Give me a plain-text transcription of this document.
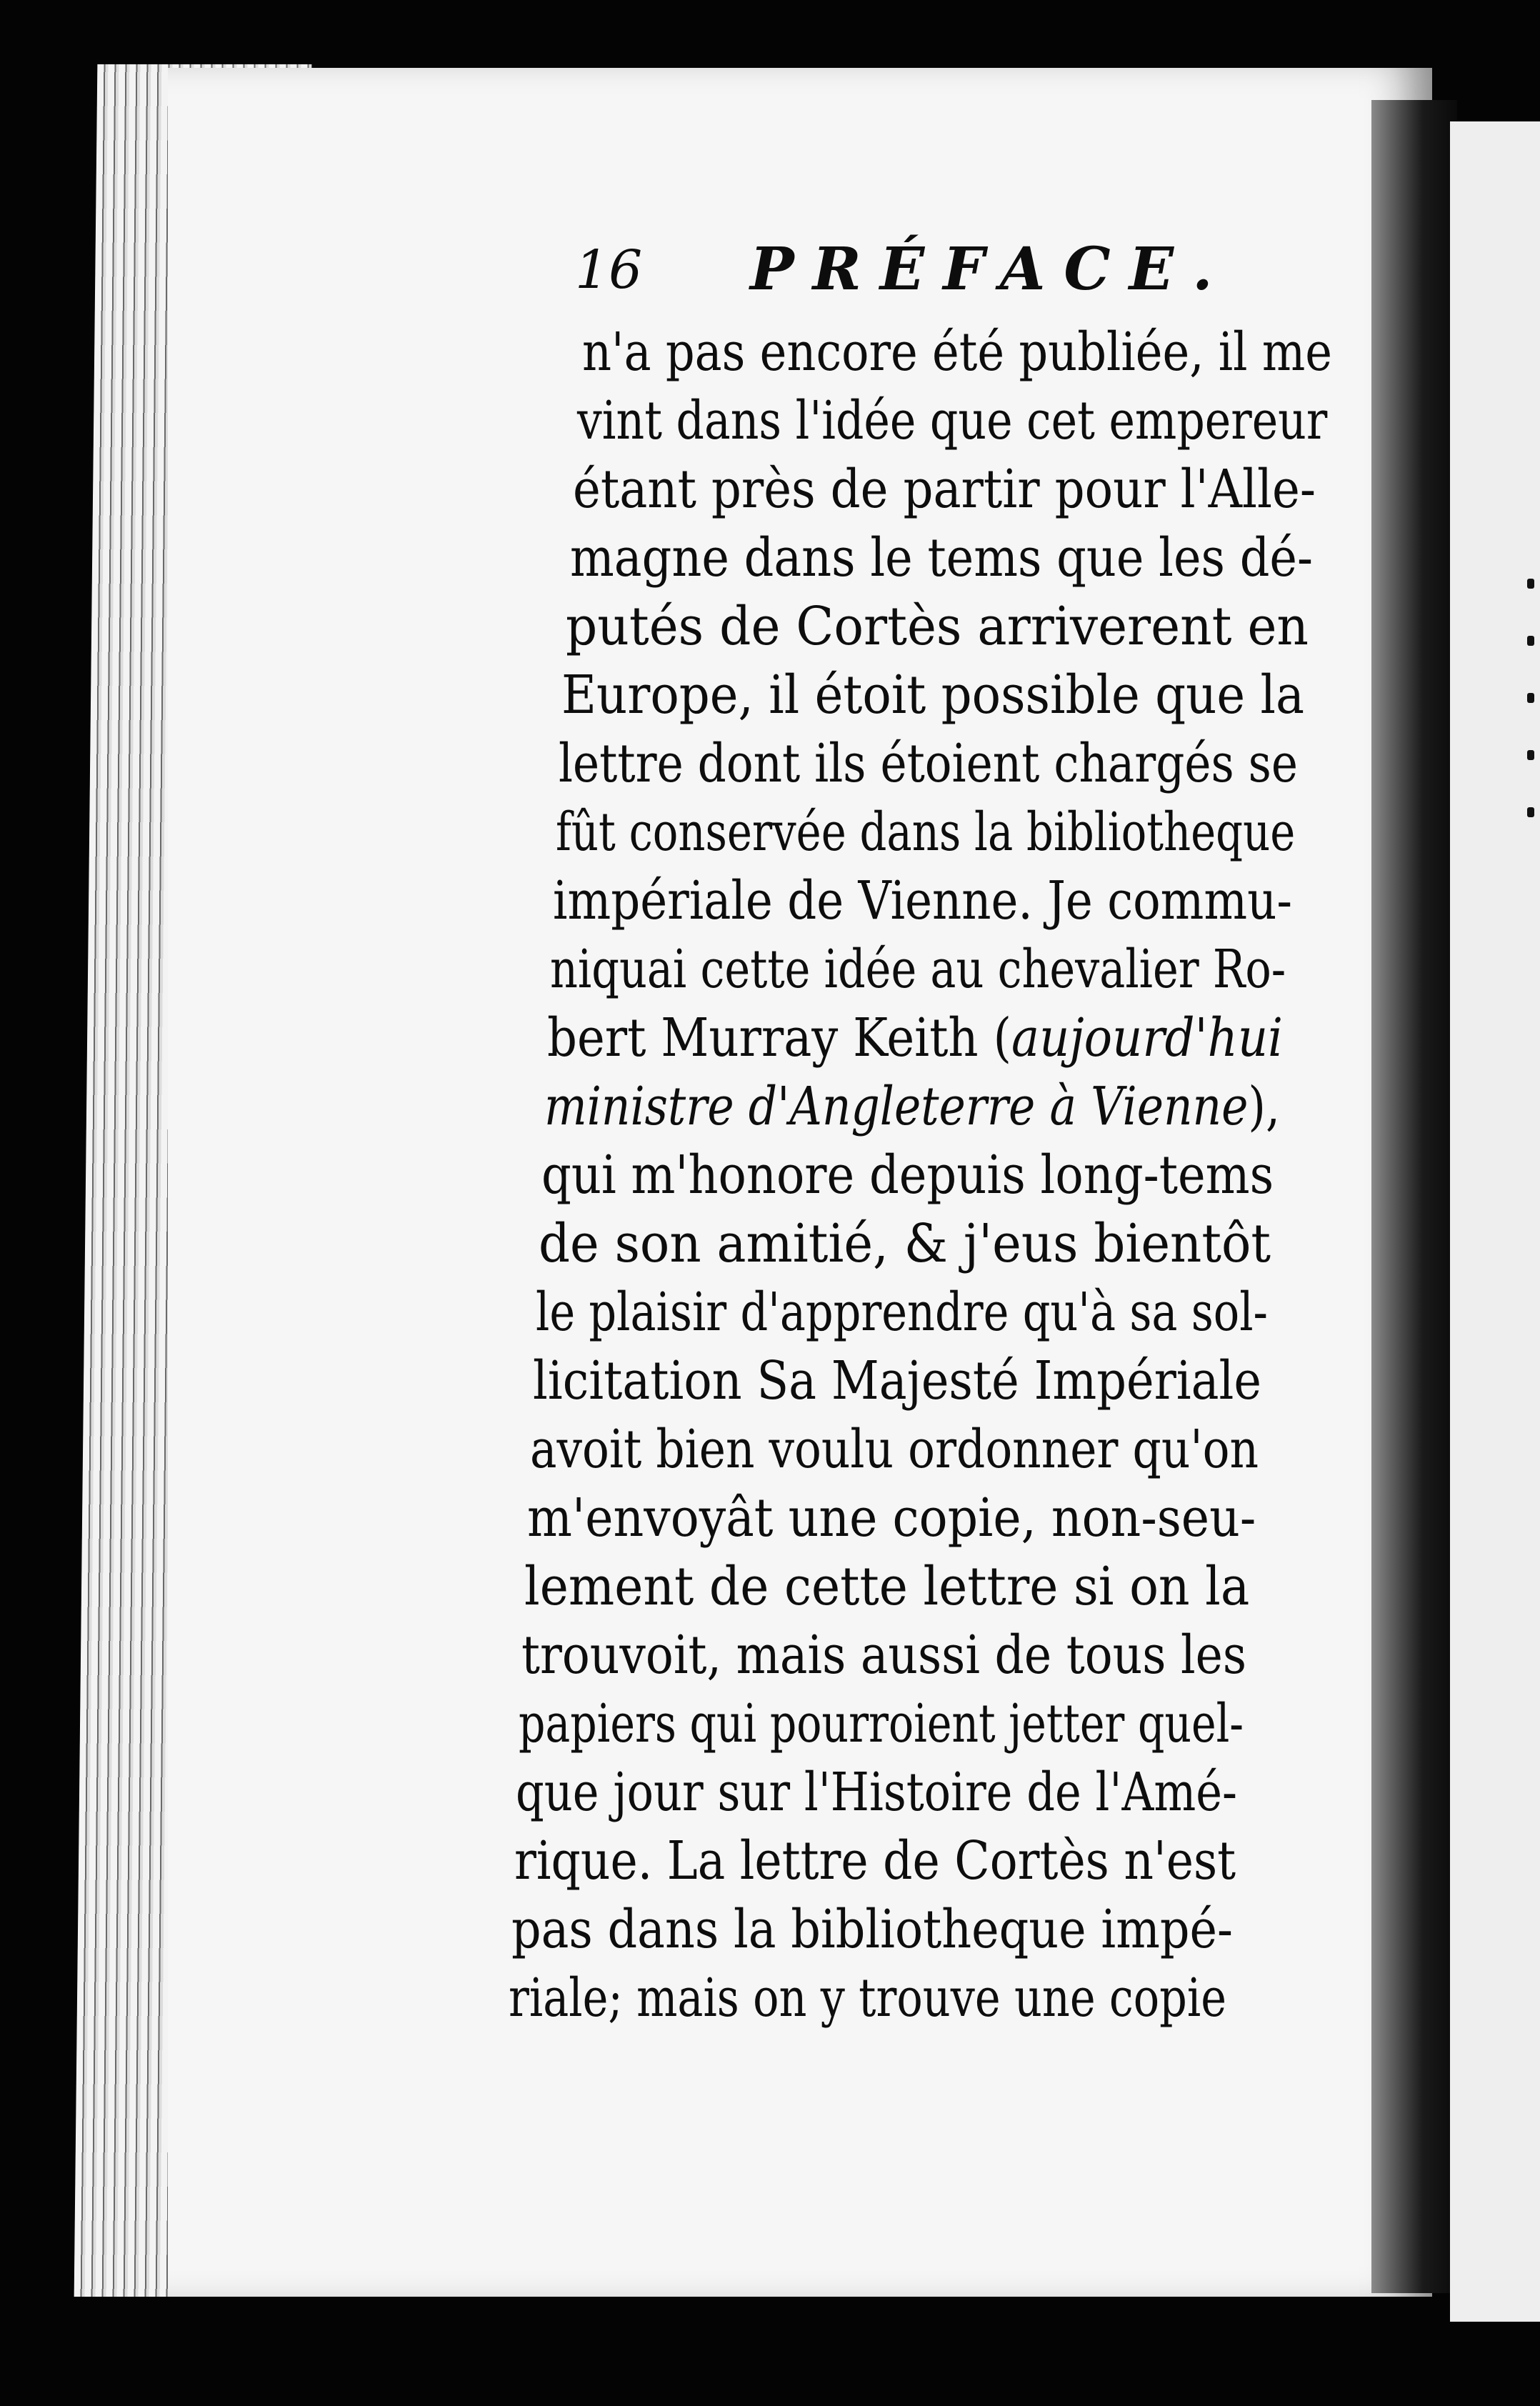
16 PRÉFACE.
n'a pas encore été publiée, il me
vint dans l'idée que cet empereur
étant près de partir pour l'Alle-
magne dans le tems que les dé-
putés de Cortès arriverent en
Europe, il étoit possible que la
lettre dont ils étoient chargés se
fût conservée dans la bibliotheque
impériale de Vienne. Je commu-
niquai cette idée au chevalier Ro-
bert Murray Keith (aujourd'hui
ministre d'Angleterre à Vienne),
qui m'honore depuis long-tems
de son amitié, & j'eus bientôt
le plaisir d'apprendre qu'à sa sol-
licitation Sa Majesté Impériale
avoit bien voulu ordonner qu'on
m'envoyât une copie, non-seu-
lement de cette lettre si on la
trouvoit, mais aussi de tous les
papiers qui pourroient jetter quel-
que jour sur l'Histoire de l'Amé-
rique. La lettre de Cortès n'est
pas dans la bibliotheque impé-
riale; mais on y trouve une copie
